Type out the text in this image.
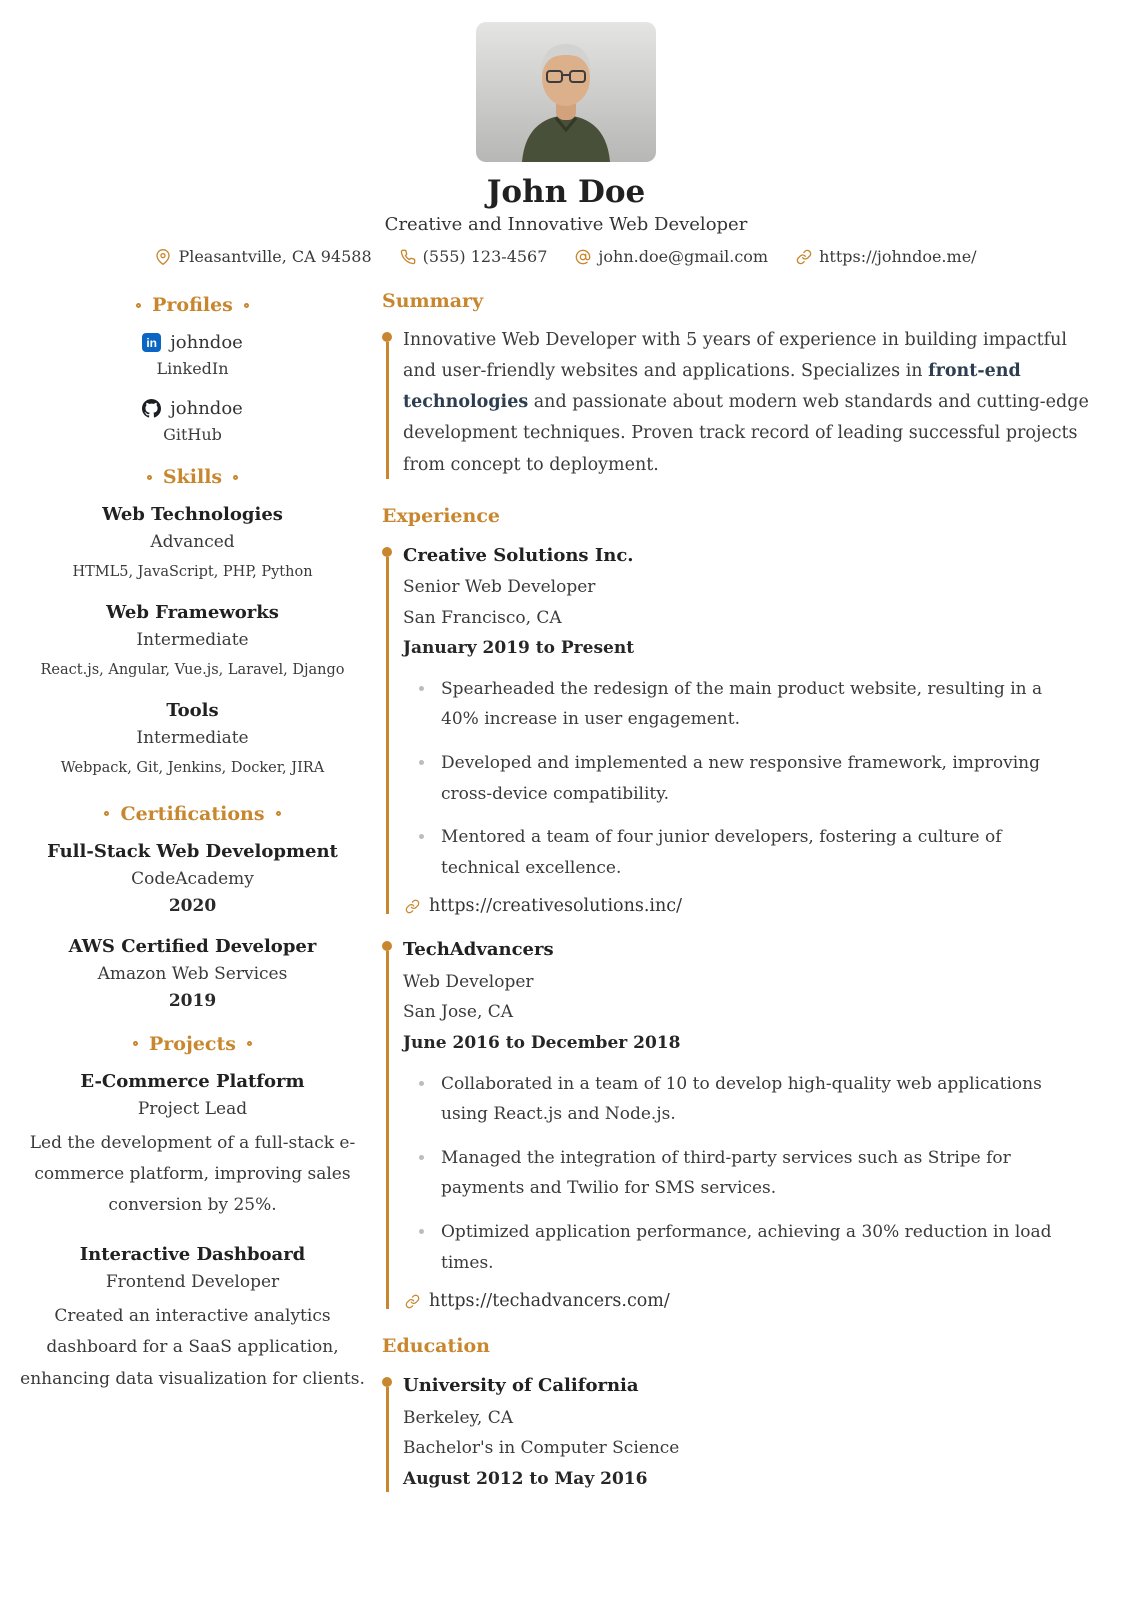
John Doe
Creative and Innovative Web Developer
Pleasantville, CA 94588	(555) 123-4567	john.doe@gmail.com	https://johndoe.me/
Profiles
in johndoe
LinkedIn
johndoe
GitHub
Skills
Web Technologies
Advanced
HTML5, JavaScript, PHP, Python
Web Frameworks
Intermediate
React.js, Angular, Vue.js, Laravel, Django
Tools
Intermediate
Webpack, Git, Jenkins, Docker, JIRA
Certifications
Full-Stack Web Development
CodeAcademy
2020
AWS Certified Developer
Amazon Web Services
2019
Projects
E-Commerce Platform
Project Lead
Led the development of a full-stack e-commerce platform, improving sales conversion by 25%.
Interactive Dashboard
Frontend Developer
Created an interactive analytics dashboard for a SaaS application, enhancing data visualization for clients.
Summary

Innovative Web Developer with 5 years of experience in building impactful and user-friendly websites and applications. Specializes in front-end technologies and passionate about modern web standards and cutting-edge development techniques. Proven track record of leading successful projects from concept to deployment.

Experience
Creative Solutions Inc.
Senior Web Developer
San Francisco, CA
January 2019 to Present
Spearheaded the redesign of the main product website, resulting in a 40% increase in user engagement.
Developed and implemented a new responsive framework, improving cross-device compatibility.
Mentored a team of four junior developers, fostering a culture of technical excellence.
https://creativesolutions.inc/
TechAdvancers
Web Developer
San Jose, CA
June 2016 to December 2018
Collaborated in a team of 10 to develop high-quality web applications using React.js and Node.js.
Managed the integration of third-party services such as Stripe for payments and Twilio for SMS services.
Optimized application performance, achieving a 30% reduction in load times.
https://techadvancers.com/
Education
University of California
Berkeley, CA
Bachelor's in Computer Science
August 2012 to May 2016
